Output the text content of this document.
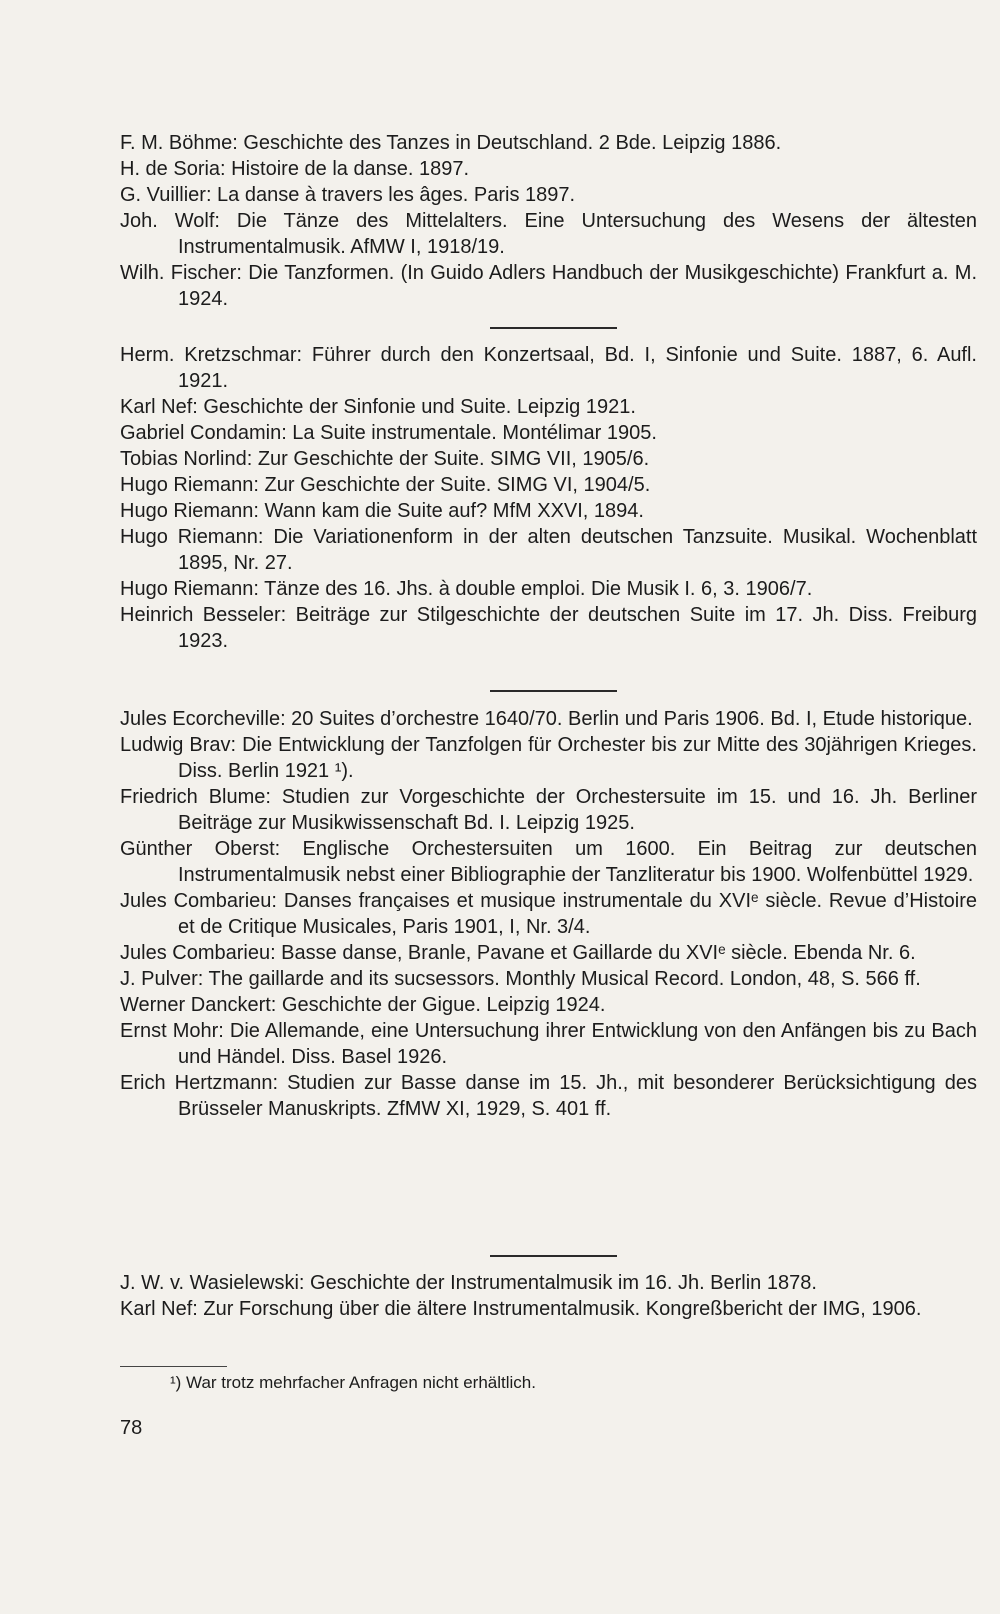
F. M. Böhme: Geschichte des Tanzes in Deutschland. 2 Bde. Leipzig 1886.
H. de Soria: Histoire de la danse. 1897.
G. Vuillier: La danse à travers les âges. Paris 1897.
Joh. Wolf: Die Tänze des Mittelalters. Eine Untersuchung des Wesens der ältesten Instrumentalmusik. AfMW I, 1918/19.
Wilh. Fischer: Die Tanzformen. (In Guido Adlers Handbuch der Musikgeschichte) Frankfurt a. M. 1924.
Herm. Kretzschmar: Führer durch den Konzertsaal, Bd. I, Sinfonie und Suite. 1887, 6. Aufl. 1921.
Karl Nef: Geschichte der Sinfonie und Suite. Leipzig 1921.
Gabriel Condamin: La Suite instrumentale. Montélimar 1905.
Tobias Norlind: Zur Geschichte der Suite. SIMG VII, 1905/6.
Hugo Riemann: Zur Geschichte der Suite. SIMG VI, 1904/5.
Hugo Riemann: Wann kam die Suite auf? MfM XXVI, 1894.
Hugo Riemann: Die Variationenform in der alten deutschen Tanzsuite. Musikal. Wochenblatt 1895, Nr. 27.
Hugo Riemann: Tänze des 16. Jhs. à double emploi. Die Musik I. 6, 3. 1906/7.
Heinrich Besseler: Beiträge zur Stilgeschichte der deutschen Suite im 17. Jh. Diss. Freiburg 1923.
Jules Ecorcheville: 20 Suites d’orchestre 1640/70. Berlin und Paris 1906. Bd. I, Etude historique.
Ludwig Brav: Die Entwicklung der Tanzfolgen für Orchester bis zur Mitte des 30jährigen Krieges. Diss. Berlin 1921 ¹).
Friedrich Blume: Studien zur Vorgeschichte der Orchestersuite im 15. und 16. Jh. Berliner Beiträge zur Musikwissenschaft Bd. I. Leipzig 1925.
Günther Oberst: Englische Orchestersuiten um 1600. Ein Beitrag zur deutschen Instrumentalmusik nebst einer Bibliographie der Tanzliteratur bis 1900. Wolfenbüttel 1929.
Jules Combarieu: Danses françaises et musique instrumentale du XVIᵉ siècle. Revue d’Histoire et de Critique Musicales, Paris 1901, I, Nr. 3/4.
Jules Combarieu: Basse danse, Branle, Pavane et Gaillarde du XVIᵉ siècle. Ebenda Nr. 6.
J. Pulver: The gaillarde and its sucsessors. Monthly Musical Record. London, 48, S. 566 ff.
Werner Danckert: Geschichte der Gigue. Leipzig 1924.
Ernst Mohr: Die Allemande, eine Untersuchung ihrer Entwicklung von den Anfängen bis zu Bach und Händel. Diss. Basel 1926.
Erich Hertzmann: Studien zur Basse danse im 15. Jh., mit besonderer Berücksichtigung des Brüsseler Manuskripts. ZfMW XI, 1929, S. 401 ff.
J. W. v. Wasielewski: Geschichte der Instrumentalmusik im 16. Jh. Berlin 1878.
Karl Nef: Zur Forschung über die ältere Instrumentalmusik. Kongreßbericht der IMG, 1906.
¹) War trotz mehrfacher Anfragen nicht erhältlich.
78
